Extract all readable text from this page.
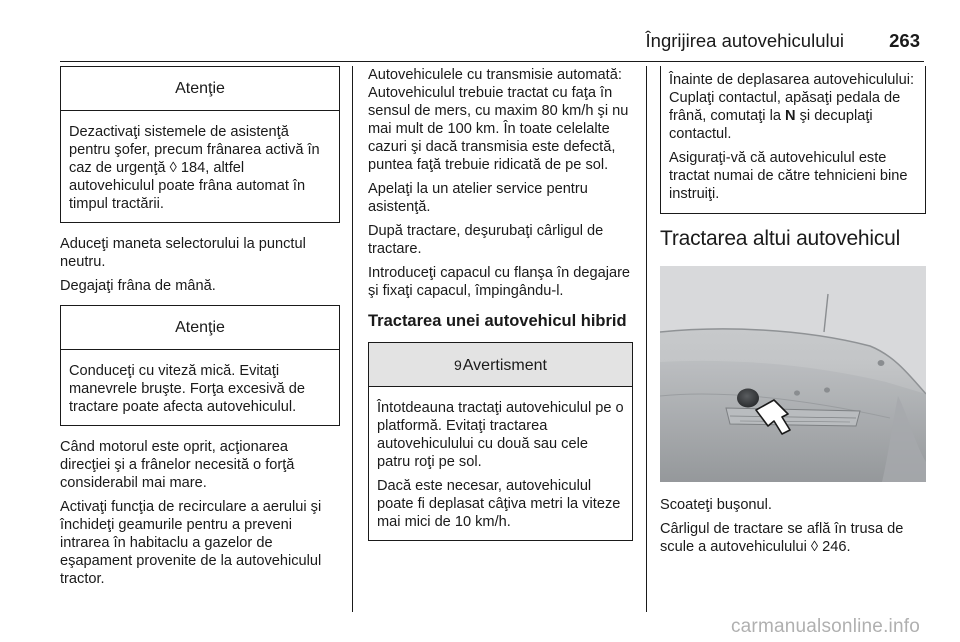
Îngrijirea autovehiculului 263
Atenţie

Dezactivaţi sistemele de asistenţă pentru şofer, precum frânarea activă în caz de urgenţă ◊ 184, altfel autovehiculul poate frâna automat în timpul tractării.

Aduceţi maneta selectorului la punctul neutru.

Degajaţi frâna de mână.

Atenţie

Conduceţi cu viteză mică. Evitaţi manevrele bruşte. Forţa excesivă de tractare poate afecta autovehiculul.

Când motorul este oprit, acţionarea direcţiei şi a frânelor necesită o forţă considerabil mai mare.

Activaţi funcţia de recirculare a aerului şi închideţi geamurile pentru a preveni intrarea în habitaclu a gazelor de eşapament provenite de la autovehiculul tractor.

Autovehiculele cu transmisie automată: Autovehiculul trebuie tractat cu faţa în sensul de mers, cu maxim 80 km/h şi nu mai mult de 100 km. În toate celelalte cazuri şi dacă transmisia este defectă, puntea faţă trebuie ridicată de pe sol.

Apelaţi la un atelier service pentru asistenţă.

După tractare, deşurubaţi cârligul de tractare.

Introduceţi capacul cu flanşa în degajare şi fixaţi capacul, împingându-l.

Tractarea unei autovehicul hibrid
9Avertisment

Întotdeauna tractaţi autovehiculul pe o platformă. Evitaţi tractarea autovehiculului cu două sau cele patru roţi pe sol.

Dacă este necesar, autovehiculul poate fi deplasat câţiva metri la viteze mai mici de 10 km/h.

Înainte de deplasarea autovehiculului: Cuplaţi contactul, apăsaţi pedala de frână, comutaţi la N şi decuplaţi contactul.

Asiguraţi-vă că autovehiculul este tractat numai de către tehnicieni bine instruiţi.

Tractarea altui autovehicul

Scoateţi buşonul.

Cârligul de tractare se află în trusa de scule a autovehiculului ◊ 246.

carmanualsonline.info
